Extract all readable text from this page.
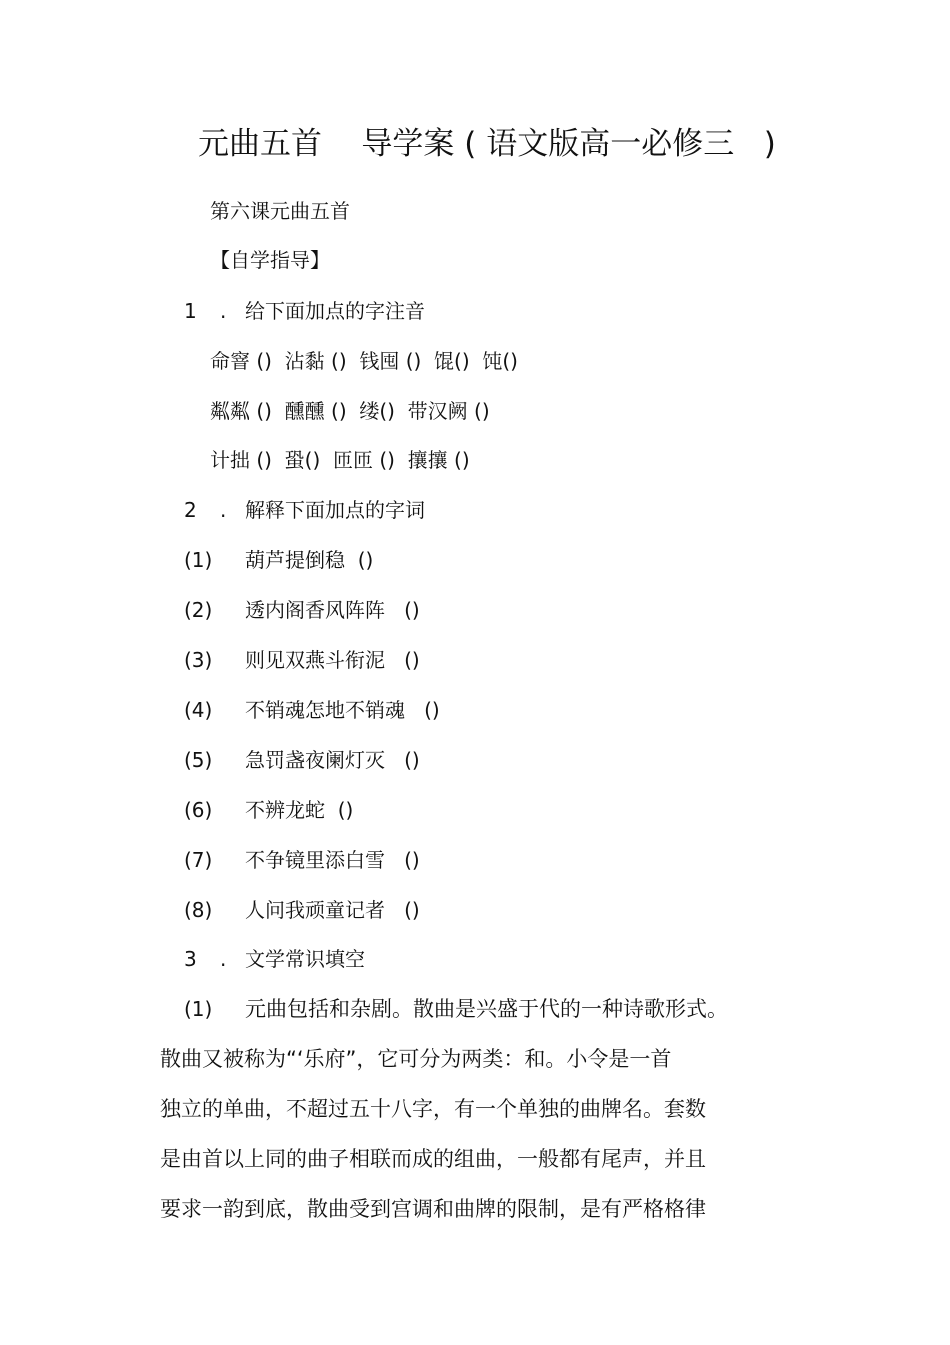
元曲五首    导学案 ( 语文版高一必修三   )
第六课元曲五首
【自学指导】
1 . 给下面加点的字注音
命窨 ()  沾黏 ()  钱囤 ()  馄()  饨()
粼粼 ()  醺醺 ()  缕()  带汉阙 ()
计拙 ()  蛩()  匝匝 ()  攘攘 ()
2 . 解释下面加点的字词
(1) 葫芦提倒稳  ()
(2) 透内阁香风阵阵   ()
(3) 则见双燕斗衔泥   ()
(4) 不销魂怎地不销魂   ()
(5) 急罚盏夜阑灯灭   ()
(6) 不辨龙蛇  ()
(7) 不争镜里添白雪   ()
(8) 人问我顽童记者   ()
3 . 文学常识填空
(1) 元曲包括和杂剧。散曲是兴盛于代的一种诗歌形式。
散曲又被称为“‘乐府”，它可分为两类：和。小令是一首
独立的单曲，不超过五十八字，有一个单独的曲牌名。套数
是由首以上同的曲子相联而成的组曲，一般都有尾声，并且
要求一韵到底，散曲受到宫调和曲牌的限制，是有严格格律
